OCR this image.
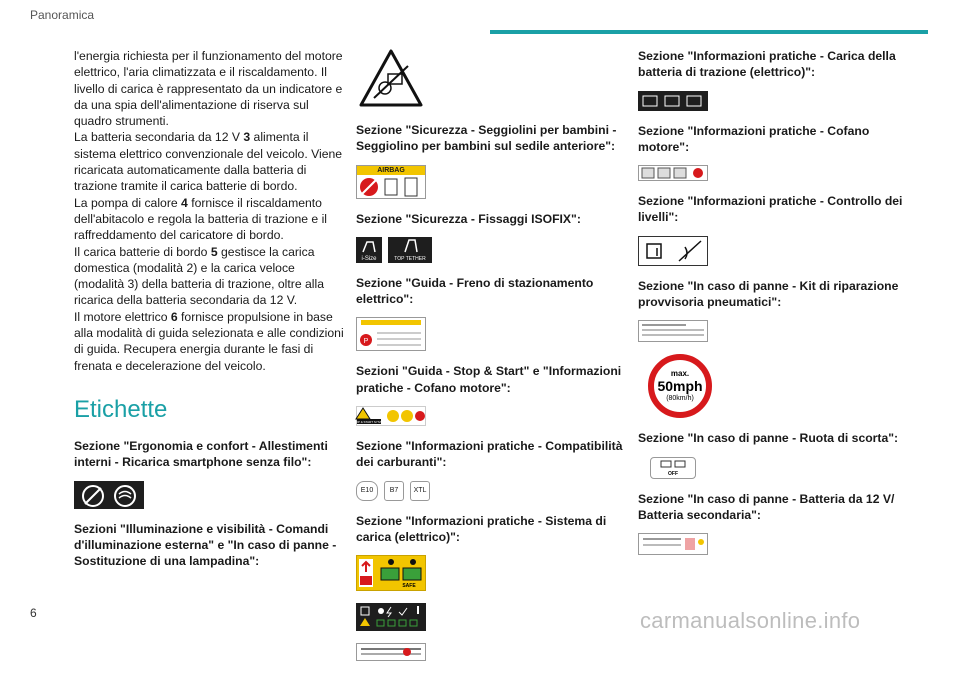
Panoramica

l'energia richiesta per il funzionamento del motore elettrico, l'aria climatizzata e il riscaldamento. Il livello di carica è rappresentato da un indicatore e da una spia dell'alimentazione di riserva sul quadro strumenti.

La batteria secondaria da 12 V 3 alimenta il sistema elettrico convenzionale del veicolo. Viene ricaricata automaticamente dalla batteria di trazione tramite il carica batterie di bordo.

La pompa di calore 4 fornisce il riscaldamento dell'abitacolo e regola la batteria di trazione e il raffreddamento del caricatore di bordo.

Il carica batterie di bordo 5 gestisce la carica domestica (modalità 2) e la carica veloce (modalità 3) della batteria di trazione, oltre alla ricarica della batteria secondaria da 12 V.

Il motore elettrico 6 fornisce propulsione in base alla modalità di guida selezionata e alle condizioni di guida. Recupera energia durante le fasi di frenata e decelerazione del veicolo.

Etichette
Sezione "Ergonomia e confort - Allestimenti interni - Ricarica smartphone senza filo":
Sezioni "Illuminazione e visibilità - Comandi d'illuminazione esterna" e "In caso di panne - Sostituzione di una lampadina":
Sezione "Sicurezza - Seggiolini per bambini - Seggiolino per bambini sul sedile anteriore":
AIRBAG
Sezione "Sicurezza - Fissaggi ISOFIX":
i-Size	TOP TETHER
Sezione "Guida - Freno di stazionamento elettrico":
P
Sezioni "Guida - Stop & Start" e "Informazioni pratiche - Cofano motore":
STOP & START SYSTEM
Sezione "Informazioni pratiche - Compatibilità dei carburanti":
E10	B7	XTL
Sezione "Informazioni pratiche - Sistema di carica (elettrico)":
SAFE
Sezione "Informazioni pratiche - Carica della batteria di trazione (elettrico)":
Sezione "Informazioni pratiche - Cofano motore":
Sezione "Informazioni pratiche - Controllo dei livelli":
Sezione "In caso di panne - Kit di riparazione provvisoria pneumatici":
max.
50mph
(80km/h)
Sezione "In caso di panne - Ruota di scorta":
OFF
Sezione "In caso di panne - Batteria da 12 V/ Batteria secondaria":
6	carmanualsonline.info
